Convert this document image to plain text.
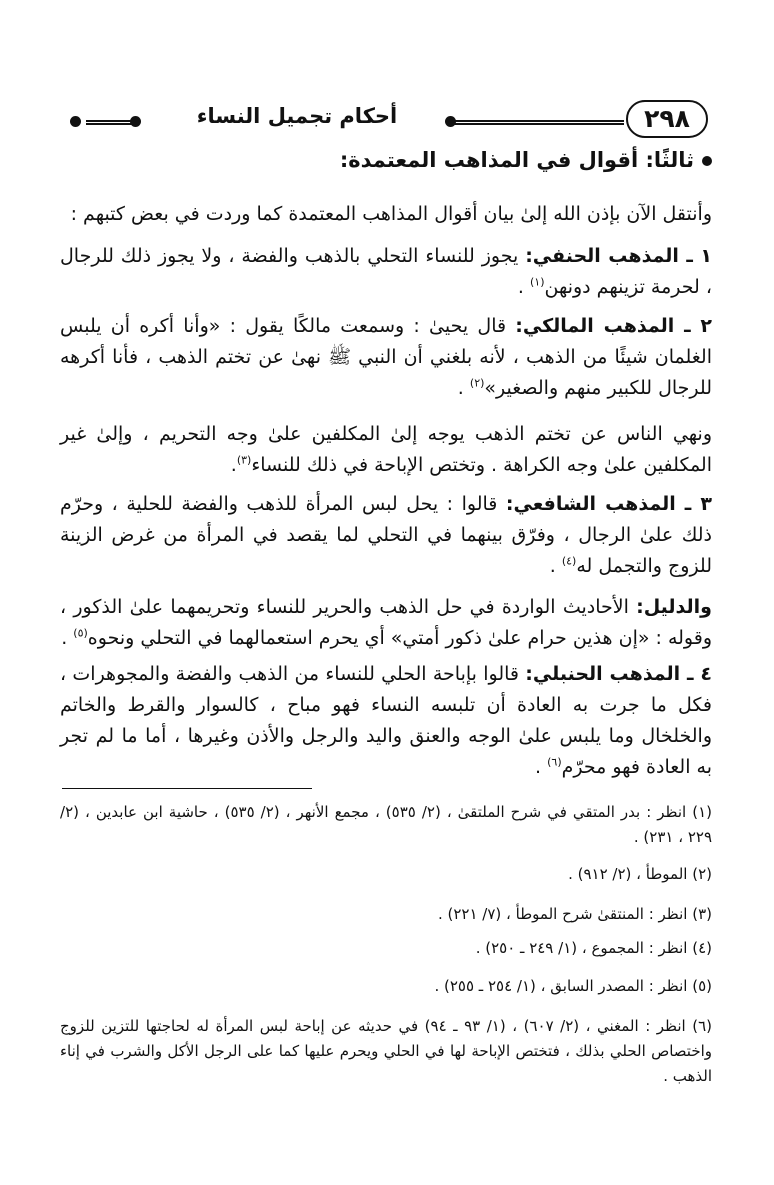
٢٩٨
أحكام تجميل النساء
ثالثًا: أقوال في المذاهب المعتمدة:

وأنتقل الآن بإذن الله إلىٰ بيان أقوال المذاهب المعتمدة كما وردت في بعض كتبهم :

١ ـ المذهب الحنفي: يجوز للنساء التحلي بالذهب والفضة ، ولا يجوز ذلك للرجال ، لحرمة تزينهم دونهن$^{(١)}$ .

٢ ـ المذهب المالكي: قال يحيىٰ : وسمعت مالكًا يقول : «وأنا أكره أن يلبس الغلمان شيئًا من الذهب ، لأنه بلغني أن النبي ﷺ نهىٰ عن تختم الذهب ، فأنا أكرهه للرجال للكبير منهم والصغير»$^{(٢)}$ .

ونهي الناس عن تختم الذهب يوجه إلىٰ المكلفين علىٰ وجه التحريم ، وإلىٰ غير المكلفين علىٰ وجه الكراهة . وتختص الإباحة في ذلك للنساء$^{(٣)}$.

٣ ـ المذهب الشافعي: قالوا : يحل لبس المرأة للذهب والفضة للحلية ، وحرّم ذلك علىٰ الرجال ، وفرّق بينهما في التحلي لما يقصد في المرأة من غرض الزينة للزوج والتجمل له$^{(٤)}$ .

والدليل: الأحاديث الواردة في حل الذهب والحرير للنساء وتحريمهما علىٰ الذكور ، وقوله : «إن هذين حرام علىٰ ذكور أمتي» أي يحرم استعمالهما في التحلي ونحوه$^{(٥)}$ .

٤ ـ المذهب الحنبلي: قالوا بإباحة الحلي للنساء من الذهب والفضة والمجوهرات ، فكل ما جرت به العادة أن تلبسه النساء فهو مباح ، كالسوار والقرط والخاتم والخلخال وما يلبس علىٰ الوجه والعنق واليد والرجل والأذن وغيرها ، أما ما لم تجر به العادة فهو محرّم$^{(٦)}$ .

(١) انظر : بدر المتقي في شرح الملتقىٰ ، (٢/ ٥٣٥) ، مجمع الأنهر ، (٢/ ٥٣٥) ، حاشية ابن عابدين ، (٢/ ٢٢٩ ، ٢٣١) .

(٢) الموطأ ، (٢/ ٩١٢) .

(٣) انظر : المنتقىٰ شرح الموطأ ، (٧/ ٢٢١) .

(٤) انظر : المجموع ، (١/ ٢٤٩ ـ ٢٥٠) .

(٥) انظر : المصدر السابق ، (١/ ٢٥٤ ـ ٢٥٥) .

(٦) انظر : المغني ، (٢/ ٦٠٧) ، (١/ ٩٣ ـ ٩٤) في حديثه عن إباحة لبس المرأة له لحاجتها للتزين للزوج واختصاص الحلي بذلك ، فتختص الإباحة لها في الحلي ويحرم عليها كما على الرجل الأكل والشرب في إناء الذهب .
